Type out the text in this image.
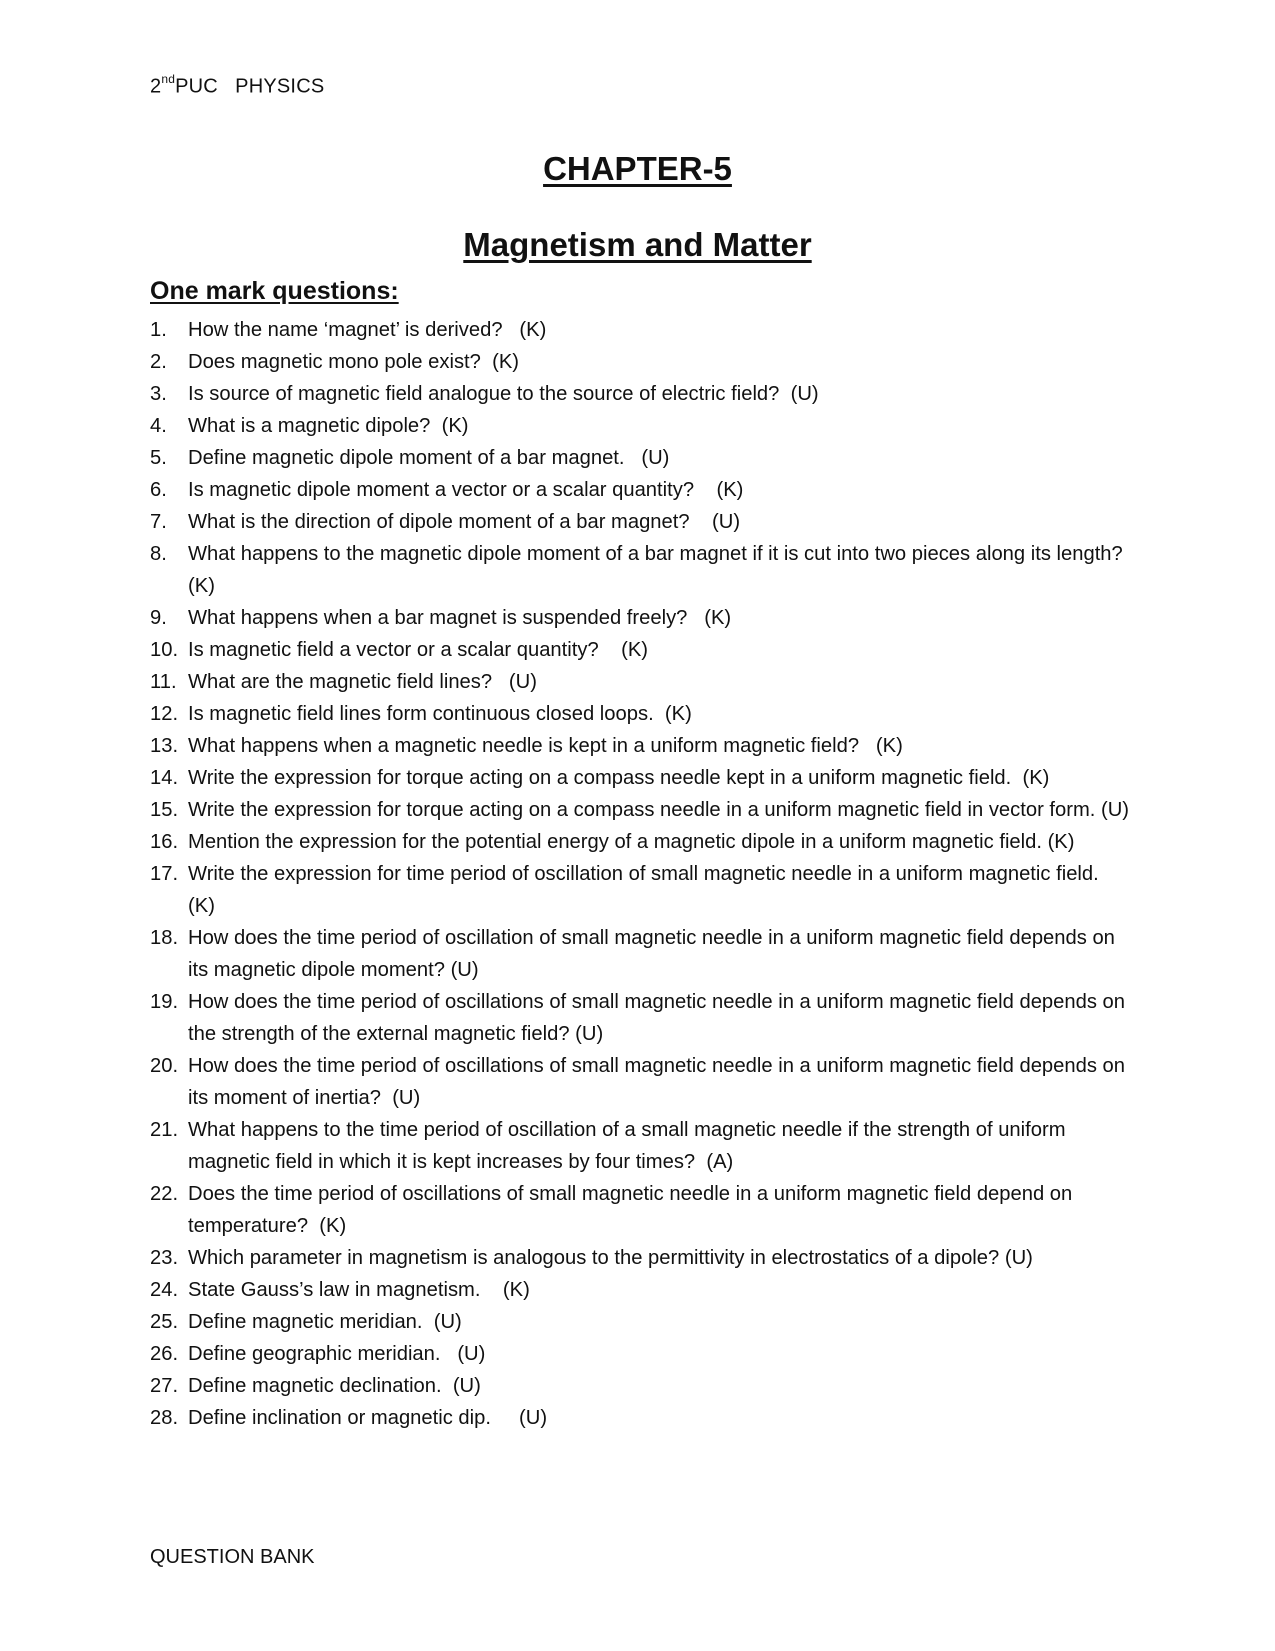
2ndPUC   PHYSICS
CHAPTER-5
Magnetism and Matter
One mark questions:
1.	How the name ‘magnet’ is derived?   (K)
2.	Does magnetic mono pole exist?  (K)
3.	Is source of magnetic field analogue to the source of electric field?  (U)
4.	What is a magnetic dipole?  (K)
5.	Define magnetic dipole moment of a bar magnet.   (U)
6.	Is magnetic dipole moment a vector or a scalar quantity?    (K)
7.	What is the direction of dipole moment of a bar magnet?    (U)
8.	What happens to the magnetic dipole moment of a bar magnet if it is cut into two pieces along its length? (K)
9.	What happens when a bar magnet is suspended freely?   (K)
10. Is magnetic field a vector or a scalar quantity?    (K)
11. What are the magnetic field lines?   (U)
12. Is magnetic field lines form continuous closed loops.  (K)
13. What happens when a magnetic needle is kept in a uniform magnetic field?   (K)
14. Write the expression for torque acting on a compass needle kept in a uniform magnetic field.  (K)
15. Write the expression for torque acting on a compass needle in a uniform magnetic field in vector form. (U)
16. Mention the expression for the potential energy of a magnetic dipole in a uniform magnetic field. (K)
17. Write the expression for time period of oscillation of small magnetic needle in a uniform magnetic field. (K)
18. How does the time period of oscillation of small magnetic needle in a uniform magnetic field depends on its magnetic dipole moment? (U)
19. How does the time period of oscillations of small magnetic needle in a uniform magnetic field depends on the strength of the external magnetic field? (U)
20. How does the time period of oscillations of small magnetic needle in a uniform magnetic field depends on its moment of inertia?  (U)
21. What happens to the time period of oscillation of a small magnetic needle if the strength of uniform magnetic field in which it is kept increases by four times?  (A)
22. Does the time period of oscillations of small magnetic needle in a uniform magnetic field depend on temperature?  (K)
23. Which parameter in magnetism is analogous to the permittivity in electrostatics of a dipole? (U)
24. State Gauss’s law in magnetism.    (K)
25. Define magnetic meridian.  (U)
26. Define geographic meridian.   (U)
27. Define magnetic declination.  (U)
28. Define inclination or magnetic dip.     (U)
QUESTION BANK
